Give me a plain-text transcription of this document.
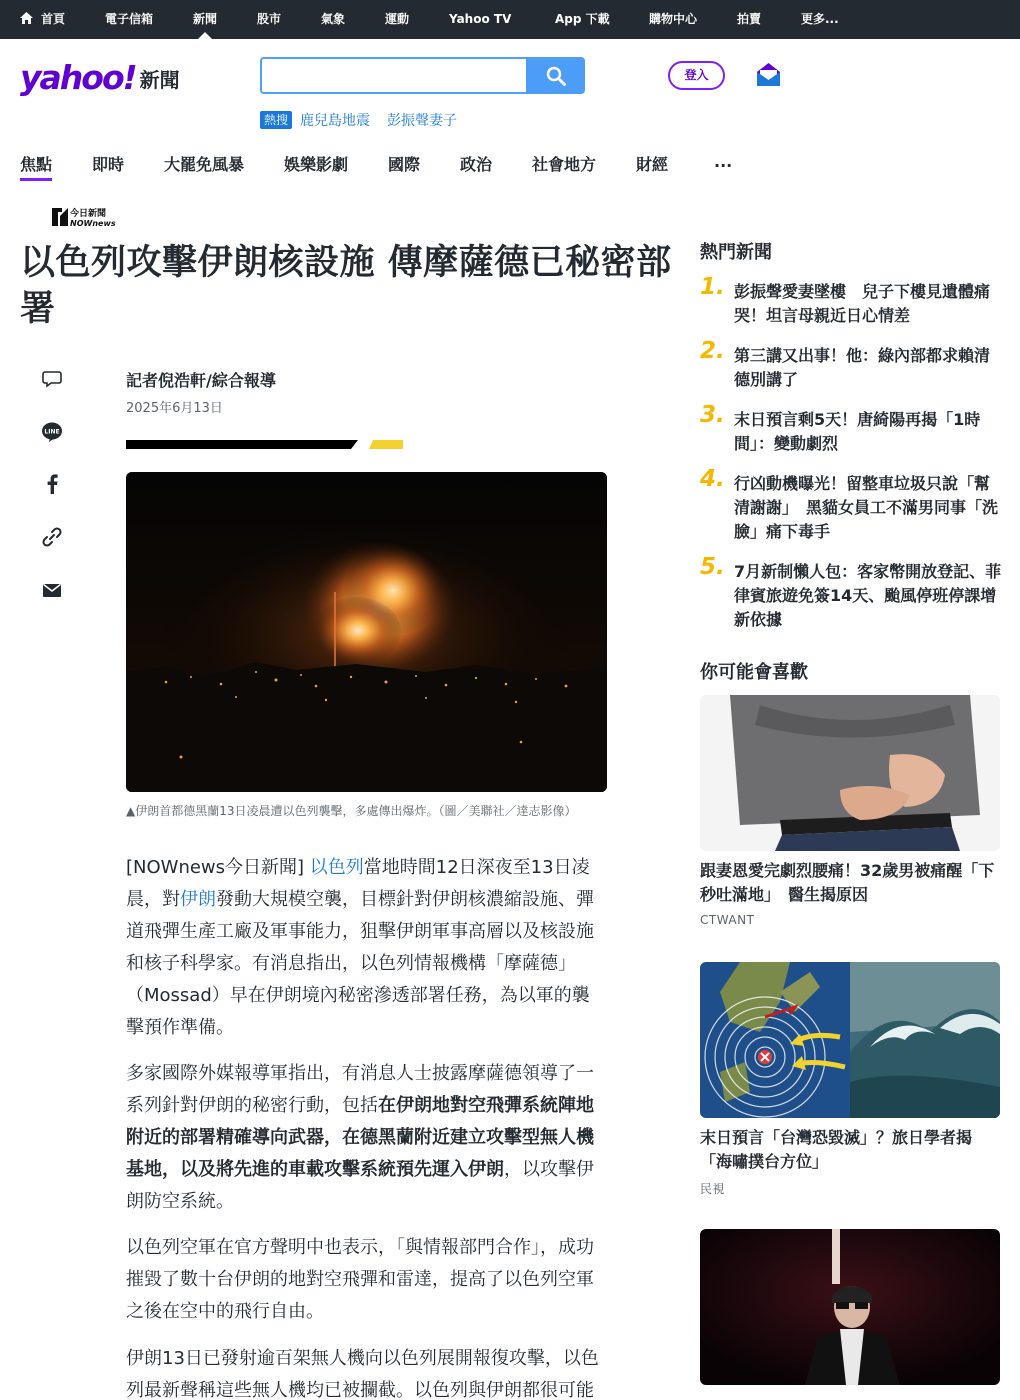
首頁	電子信箱	新聞	股市	氣象	運動	Yahoo TV	App 下載	購物中心	拍賣	更多...
yahoo! 新聞	登入
熱搜 鹿兒島地震 彭振聲妻子
焦點 即時 大罷免風暴 娛樂影劇 國際 政治 社會地方 財經	...
今日新聞
NOWnews
以色列攻擊伊朗核設施 傳摩薩德已秘密部署
LINE
記者倪浩軒/綜合報導
2025年6月13日
▲伊朗首都德黑蘭13日凌晨遭以色列襲擊，多處傳出爆炸。（圖／美聯社／達志影像）

[NOWnews今日新聞] 以色列當地時間12日深夜至13日凌晨，對伊朗發動大規模空襲，目標針對伊朗核濃縮設施、彈道飛彈生產工廠及軍事能力，狙擊伊朗軍事高層以及核設施和核子科學家。有消息指出，以色列情報機構「摩薩德」（Mossad）早在伊朗境內秘密滲透部署任務，為以軍的襲擊預作準備。

多家國際外媒報導軍指出，有消息人士披露摩薩德領導了一系列針對伊朗的秘密行動，包括在伊朗地對空飛彈系統陣地附近的部署精確導向武器，在德黑蘭附近建立攻擊型無人機基地，以及將先進的車載攻擊系統預先運入伊朗，以攻擊伊朗防空系統。

以色列空軍在官方聲明中也表示，「與情報部門合作」，成功摧毀了數十台伊朗的地對空飛彈和雷達，提高了以色列空軍之後在空中的飛行自由。

伊朗13日已發射逾百架無人機向以色列展開報復攻擊，以色列最新聲稱這些無人機均已被攔截。以色列與伊朗都很可能

熱門新聞
1. 彭振聲愛妻墜樓　兒子下樓見遺體痛哭！坦言母親近日心情差
2. 第三講又出事！他：綠內部都求賴清德別講了
3. 末日預言剩5天！唐綺陽再揭「1時間」：變動劇烈
4. 行凶動機曝光！留整車垃圾只說「幫清謝謝」　黑貓女員工不滿男同事「洗臉」痛下毒手
5. 7月新制懶人包：客家幣開放登記、菲律賓旅遊免簽14天、颱風停班停課增新依據
你可能會喜歡
跟妻恩愛完劇烈腰痛！32歲男被痛醒「下秒吐滿地」　醫生揭原因
CTWANT
末日預言「台灣恐毀滅」？旅日學者揭「海嘯撲台方位」
民視
